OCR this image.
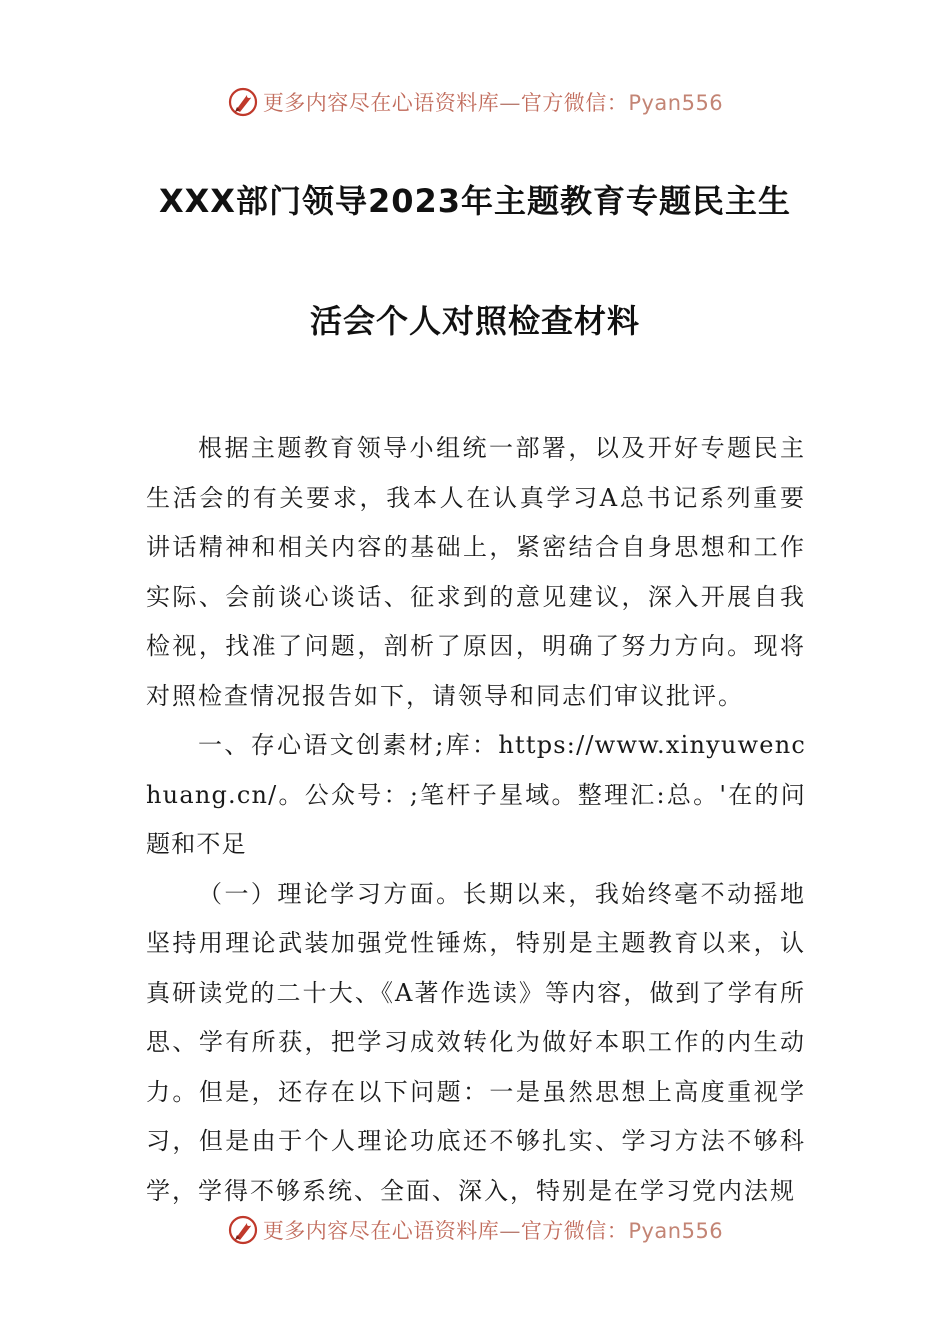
更多内容尽在心语资料库—官方微信：Pyan556
XXX部门领导2023年主题教育专题民主生
活会个人对照检查材料

根据主题教育领导小组统一部署，以及开好专题民主生活会的有关要求，我本人在认真学习A总书记系列重要讲话精神和相关内容的基础上，紧密结合自身思想和工作实际、会前谈心谈话、征求到的意见建议，深入开展自我检视，找准了问题，剖析了原因，明确了努力方向。现将对照检查情况报告如下，请领导和同志们审议批评。

一、存心语文创素材;库：https://www.xinyuwenchuang.cn/。公众号：;笔杆子星域。整理汇:总。'在的问题和不足

（一）理论学习方面。长期以来，我始终毫不动摇地坚持用理论武装加强党性锤炼，特别是主题教育以来，认真研读党的二十大、《A著作选读》等内容，做到了学有所思、学有所获，把学习成效转化为做好本职工作的内生动力。但是，还存在以下问题：一是虽然思想上高度重视学习，但是由于个人理论功底还不够扎实、学习方法不够科学，学得不够系统、全面、深入，特别是在学习党内法规

更多内容尽在心语资料库—官方微信：Pyan556
